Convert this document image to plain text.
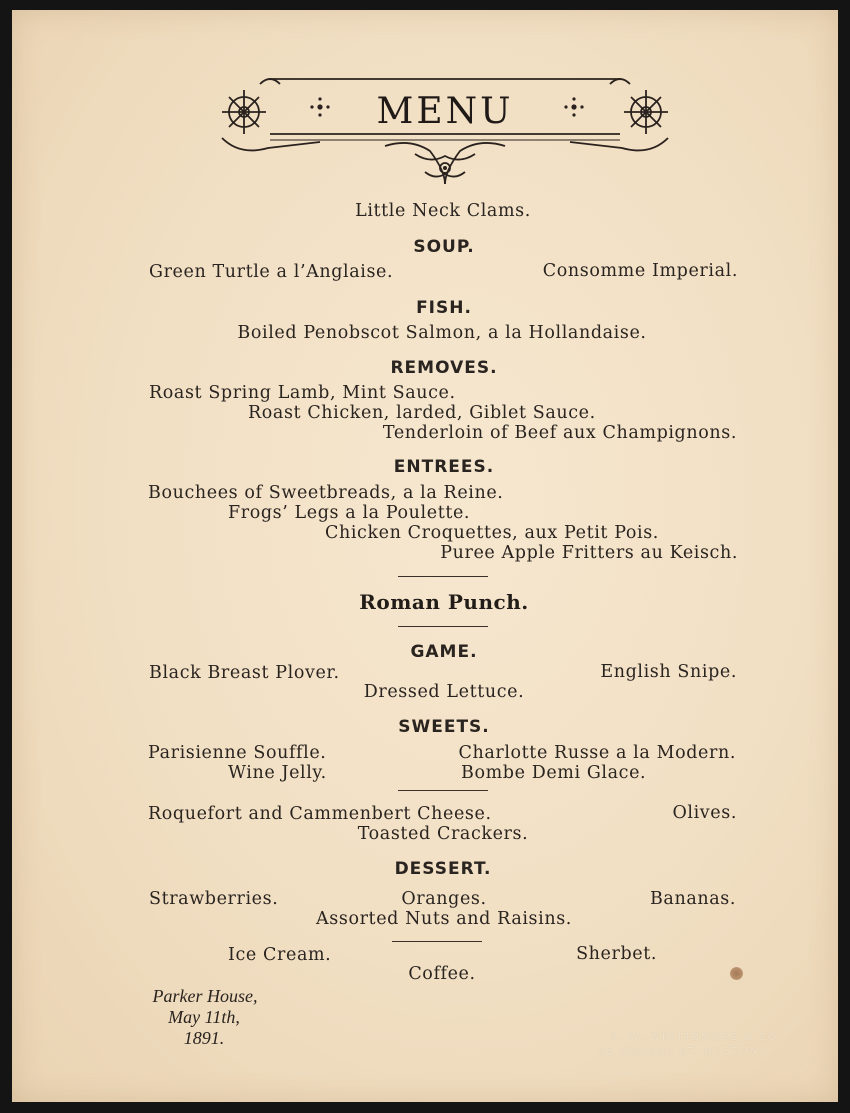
MENU
Little Neck Clams.
SOUP.
Green Turtle a l’Anglaise.	Consomme Imperial.
FISH.
Boiled Penobscot Salmon, a la Hollandaise.
REMOVES.
Roast Spring Lamb, Mint Sauce.
Roast Chicken, larded, Giblet Sauce.
Tenderloin of Beef aux Champignons.
ENTREES.
Bouchees of Sweetbreads, a la Reine.
Frogs’ Legs a la Poulette.
Chicken Croquettes, aux Petit Pois.
Puree Apple Fritters au Keisch.
Roman Punch.
GAME.
Black Breast Plover.	English Snipe.
Dressed Lettuce.
SWEETS.
Parisienne Souffle.	Charlotte Russe a la Modern.
Wine Jelly.	Bombe Demi Glace.
Roquefort and Cammenbert Cheese.	Olives.
Toasted Crackers.
DESSERT.
Strawberries.	Oranges.	Bananas.
Assorted Nuts and Raisins.
Ice Cream.	Sherbet.
Coffee.
Parker House,
May 11th,
1891.	A. W. WHITTEMORE & CO.
28 SCHOOL ST. BOSTON.
